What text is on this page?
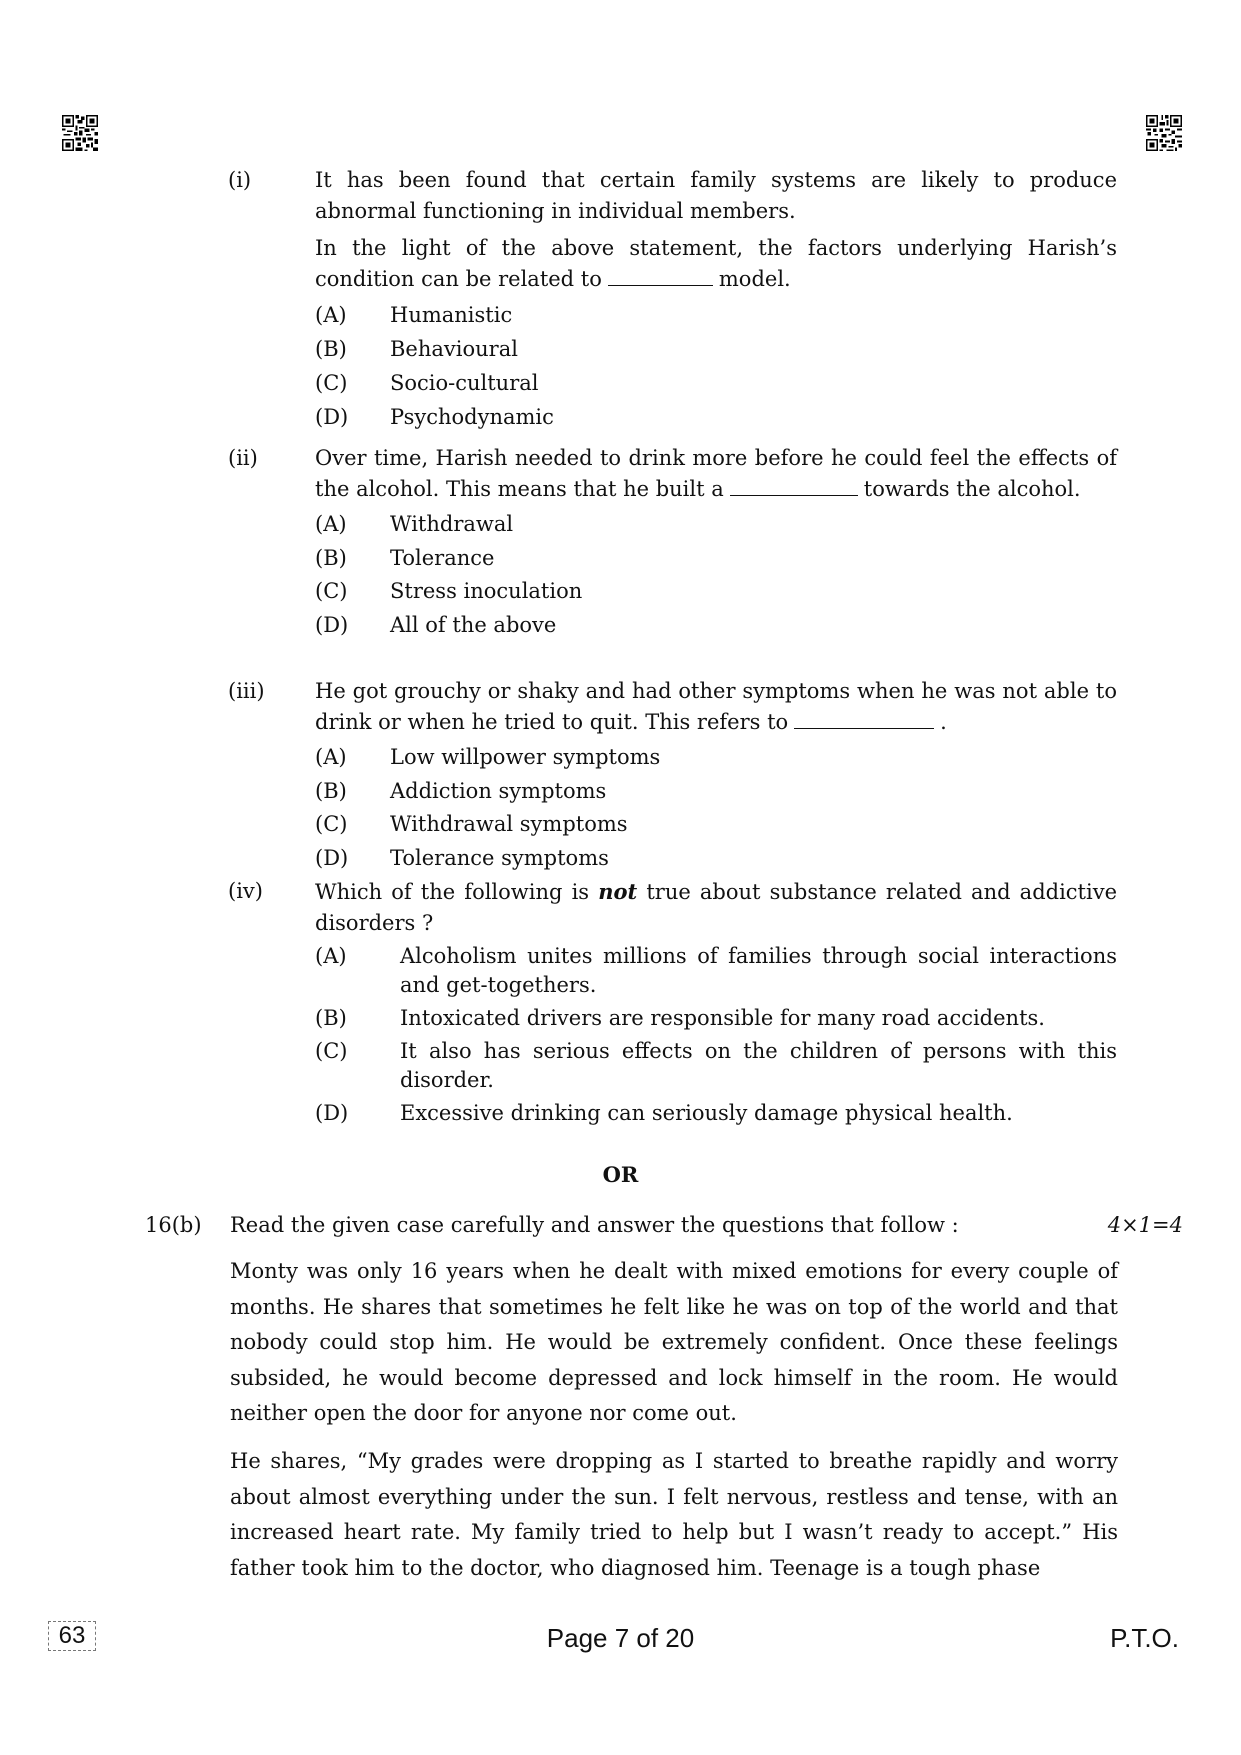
(i)	It has been found that certain family systems are likely to produce abnormal functioning in individual members.

In the light of the above statement, the factors underlying Harish’s condition can be related to	model.

(A)	Humanistic
(B)	Behavioural
(C)	Socio-cultural
(D)	Psychodynamic
(ii)	Over time, Harish needed to drink more before he could feel the effects of the alcohol. This means that he built a	towards the alcohol.

(A)	Withdrawal
(B)	Tolerance
(C)	Stress inoculation
(D)	All of the above
(iii) He got grouchy or shaky and had other symptoms when he was not able to drink or when he tried to quit. This refers to	.

(A)	Low willpower symptoms
(B)	Addiction symptoms
(C)	Withdrawal symptoms
(D)	Tolerance symptoms
(iv) Which of the following is not true about substance related and addictive disorders ?

(A)	Alcoholism unites millions of families through social interactions and get-togethers.
(B)	Intoxicated drivers are responsible for many road accidents.
(C)	It also has serious effects on the children of persons with this disorder.
(D)	Excessive drinking can seriously damage physical health.
OR
16(b)	Read the given case carefully and answer the questions that follow :	4×1=4

Monty was only 16 years when he dealt with mixed emotions for every couple of months. He shares that sometimes he felt like he was on top of the world and that nobody could stop him. He would be extremely confident. Once these feelings subsided, he would become depressed and lock himself in the room. He would neither open the door for anyone nor come out.

He shares, “My grades were dropping as I started to breathe rapidly and worry about almost everything under the sun. I felt nervous, restless and tense, with an increased heart rate. My family tried to help but I wasn’t ready to accept.” His father took him to the doctor, who diagnosed him. Teenage is a tough phase

63	Page 7 of 20	P.T.O.
